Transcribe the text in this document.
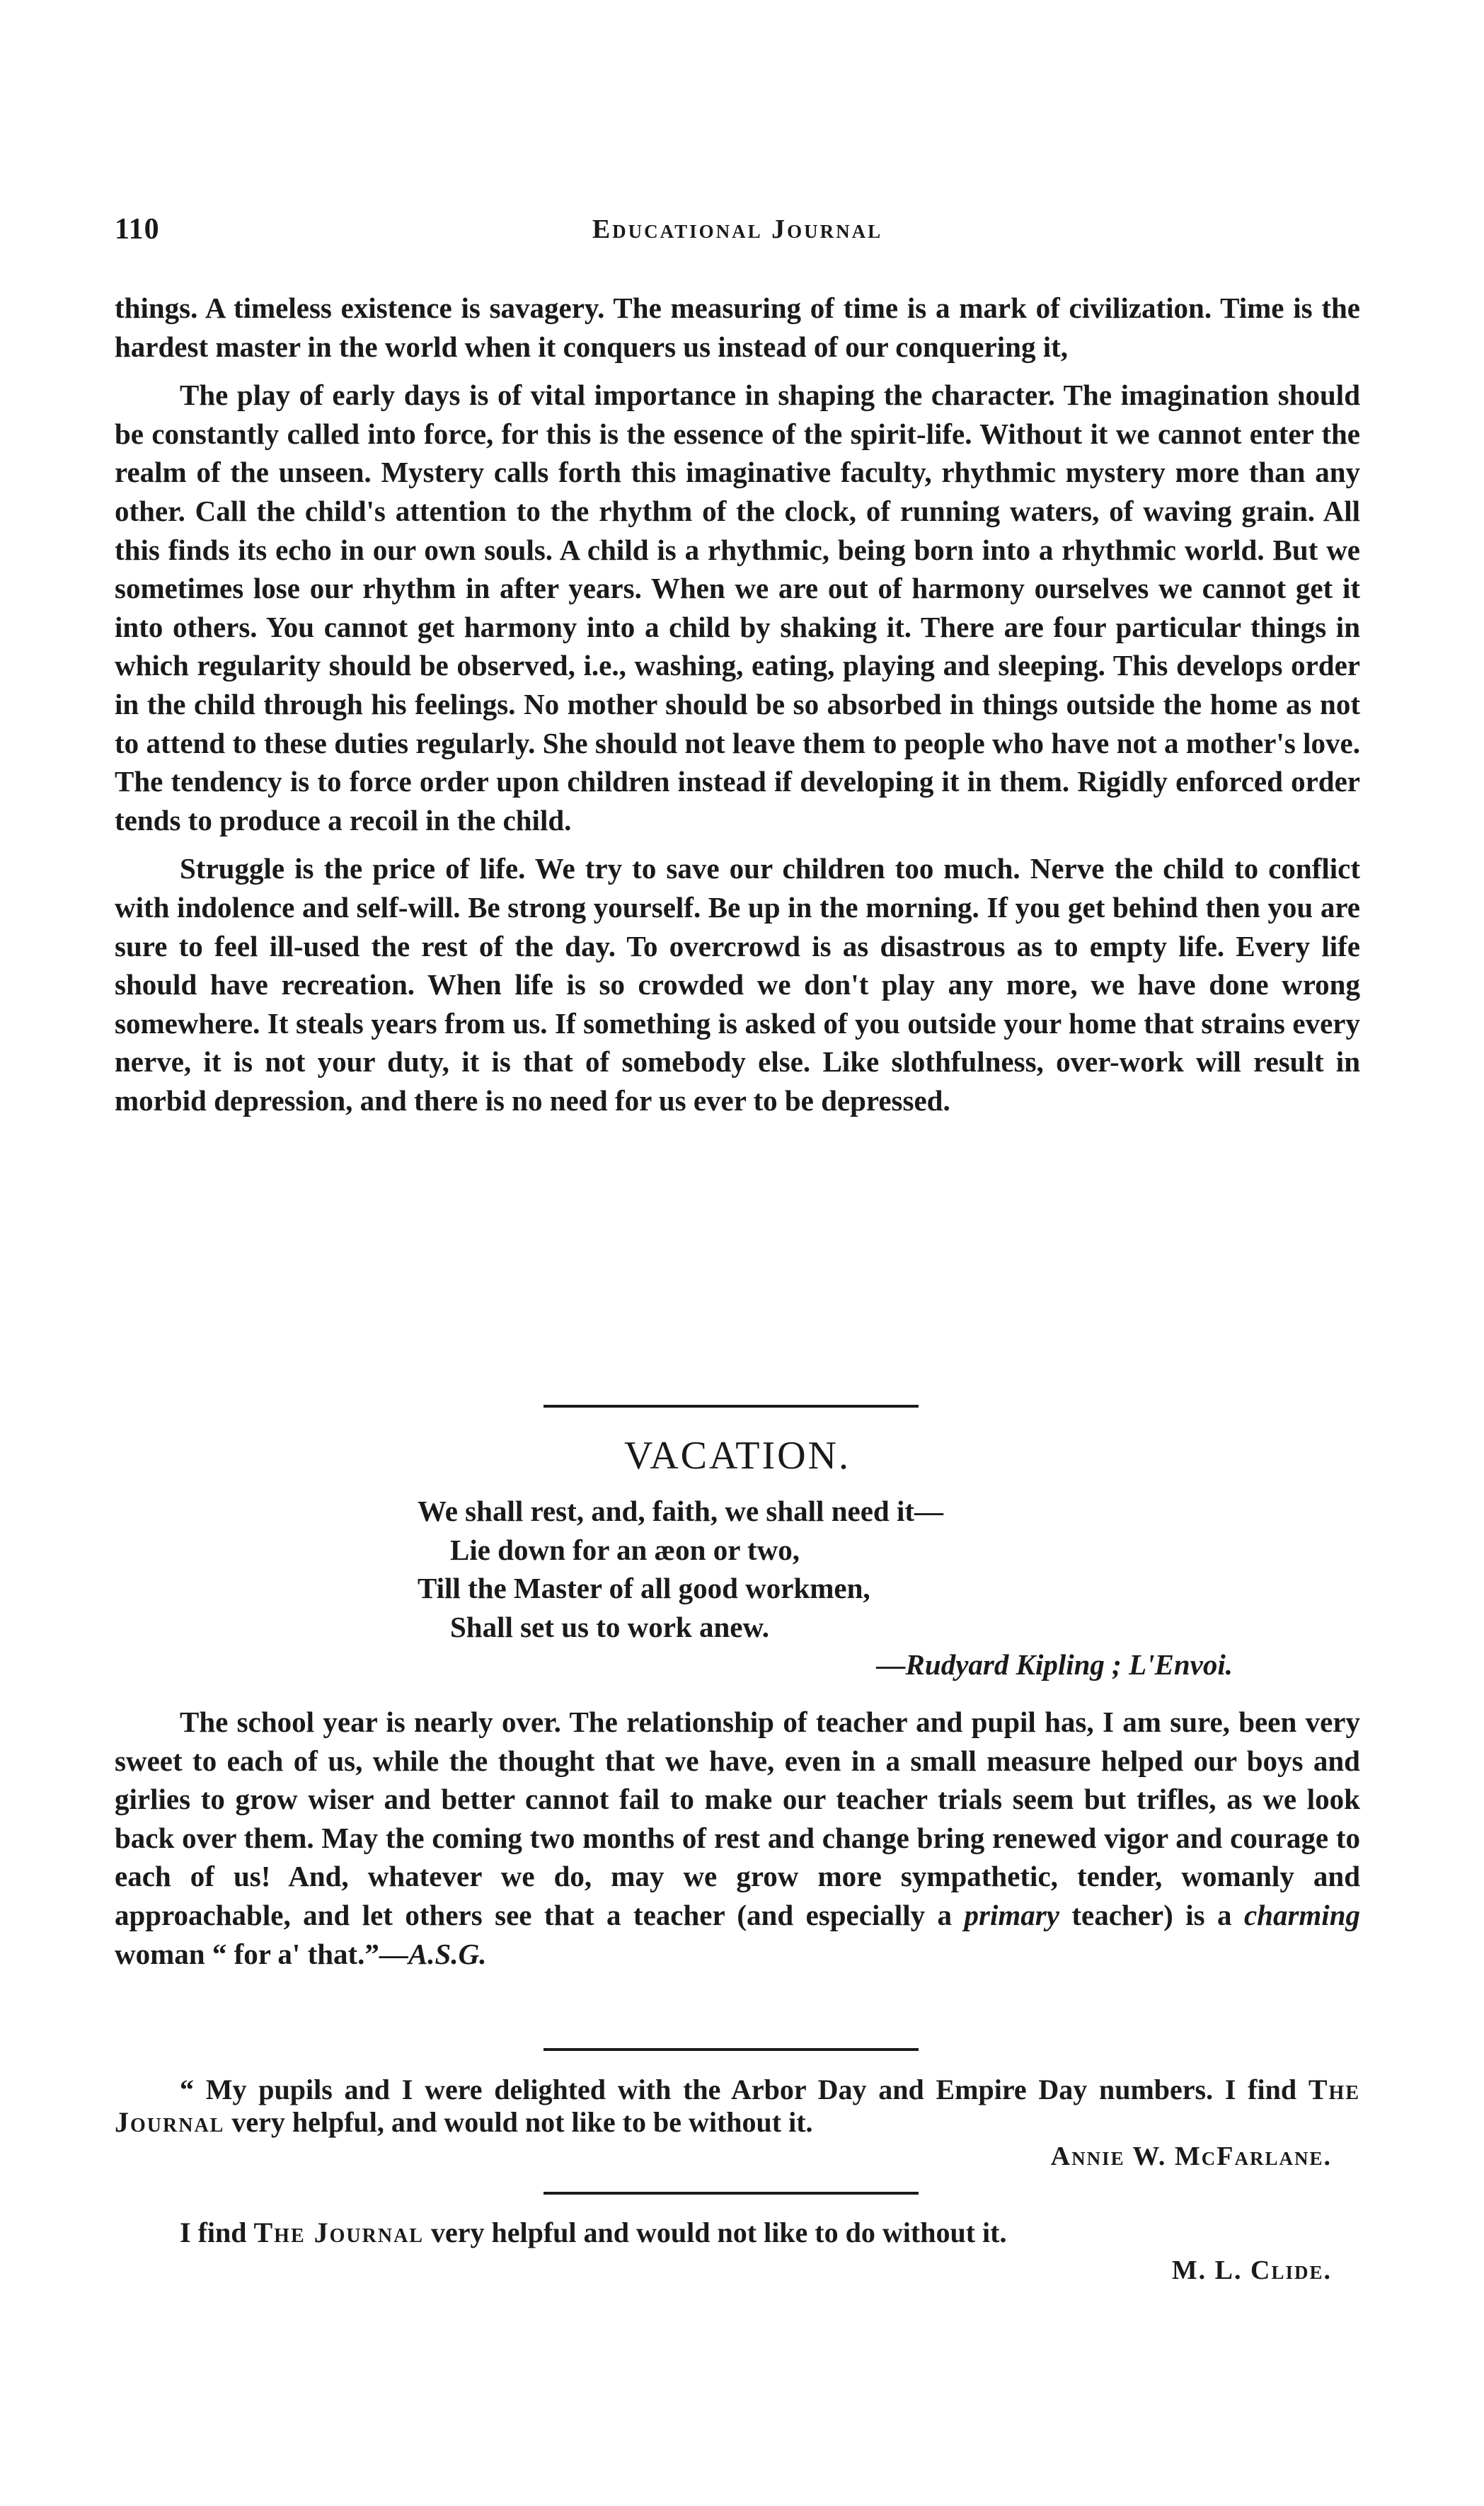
110	Educational Journal

things. A timeless existence is savagery. The measuring of time is a mark of civilization. Time is the hardest master in the world when it conquers us instead of our conquering it,

The play of early days is of vital importance in shaping the character. The imagination should be constantly called into force, for this is the essence of the spirit-life. Without it we cannot enter the realm of the unseen. Mystery calls forth this imaginative faculty, rhythmic mystery more than any other. Call the child's attention to the rhythm of the clock, of running waters, of waving grain. All this finds its echo in our own souls. A child is a rhythmic, being born into a rhythmic world. But we sometimes lose our rhythm in after years. When we are out of harmony ourselves we cannot get it into others. You cannot get harmony into a child by shaking it. There are four particular things in which regularity should be observed, i.e., washing, eating, playing and sleeping. This develops order in the child through his feelings. No mother should be so absorbed in things outside the home as not to attend to these duties regularly. She should not leave them to people who have not a mother's love. The tendency is to force order upon children instead if developing it in them. Rigidly enforced order tends to produce a recoil in the child.

Struggle is the price of life. We try to save our children too much. Nerve the child to conflict with indolence and self-will. Be strong yourself. Be up in the morning. If you get behind then you are sure to feel ill-used the rest of the day. To overcrowd is as disastrous as to empty life. Every life should have recreation. When life is so crowded we don't play any more, we have done wrong somewhere. It steals years from us. If something is asked of you outside your home that strains every nerve, it is not your duty, it is that of somebody else. Like slothfulness, over-work will result in morbid depression, and there is no need for us ever to be depressed.

VACATION.
We shall rest, and, faith, we shall need it—
Lie down for an æon or two,
Till the Master of all good workmen,
Shall set us to work anew.
—Rudyard Kipling ; L'Envoi.

The school year is nearly over. The relationship of teacher and pupil has, I am sure, been very sweet to each of us, while the thought that we have, even in a small measure helped our boys and girlies to grow wiser and better cannot fail to make our teacher trials seem but trifles, as we look back over them. May the coming two months of rest and change bring renewed vigor and courage to each of us! And, whatever we do, may we grow more sympathetic, tender, womanly and approachable, and let others see that a teacher (and especially a primary teacher) is a charming woman “ for a' that.”—A.S.G.

“ My pupils and I were delighted with the Arbor Day and Empire Day numbers. I find The Journal very helpful, and would not like to be without it.

Annie W. McFarlane.

I find The Journal very helpful and would not like to do without it.

M. L. Clide.
